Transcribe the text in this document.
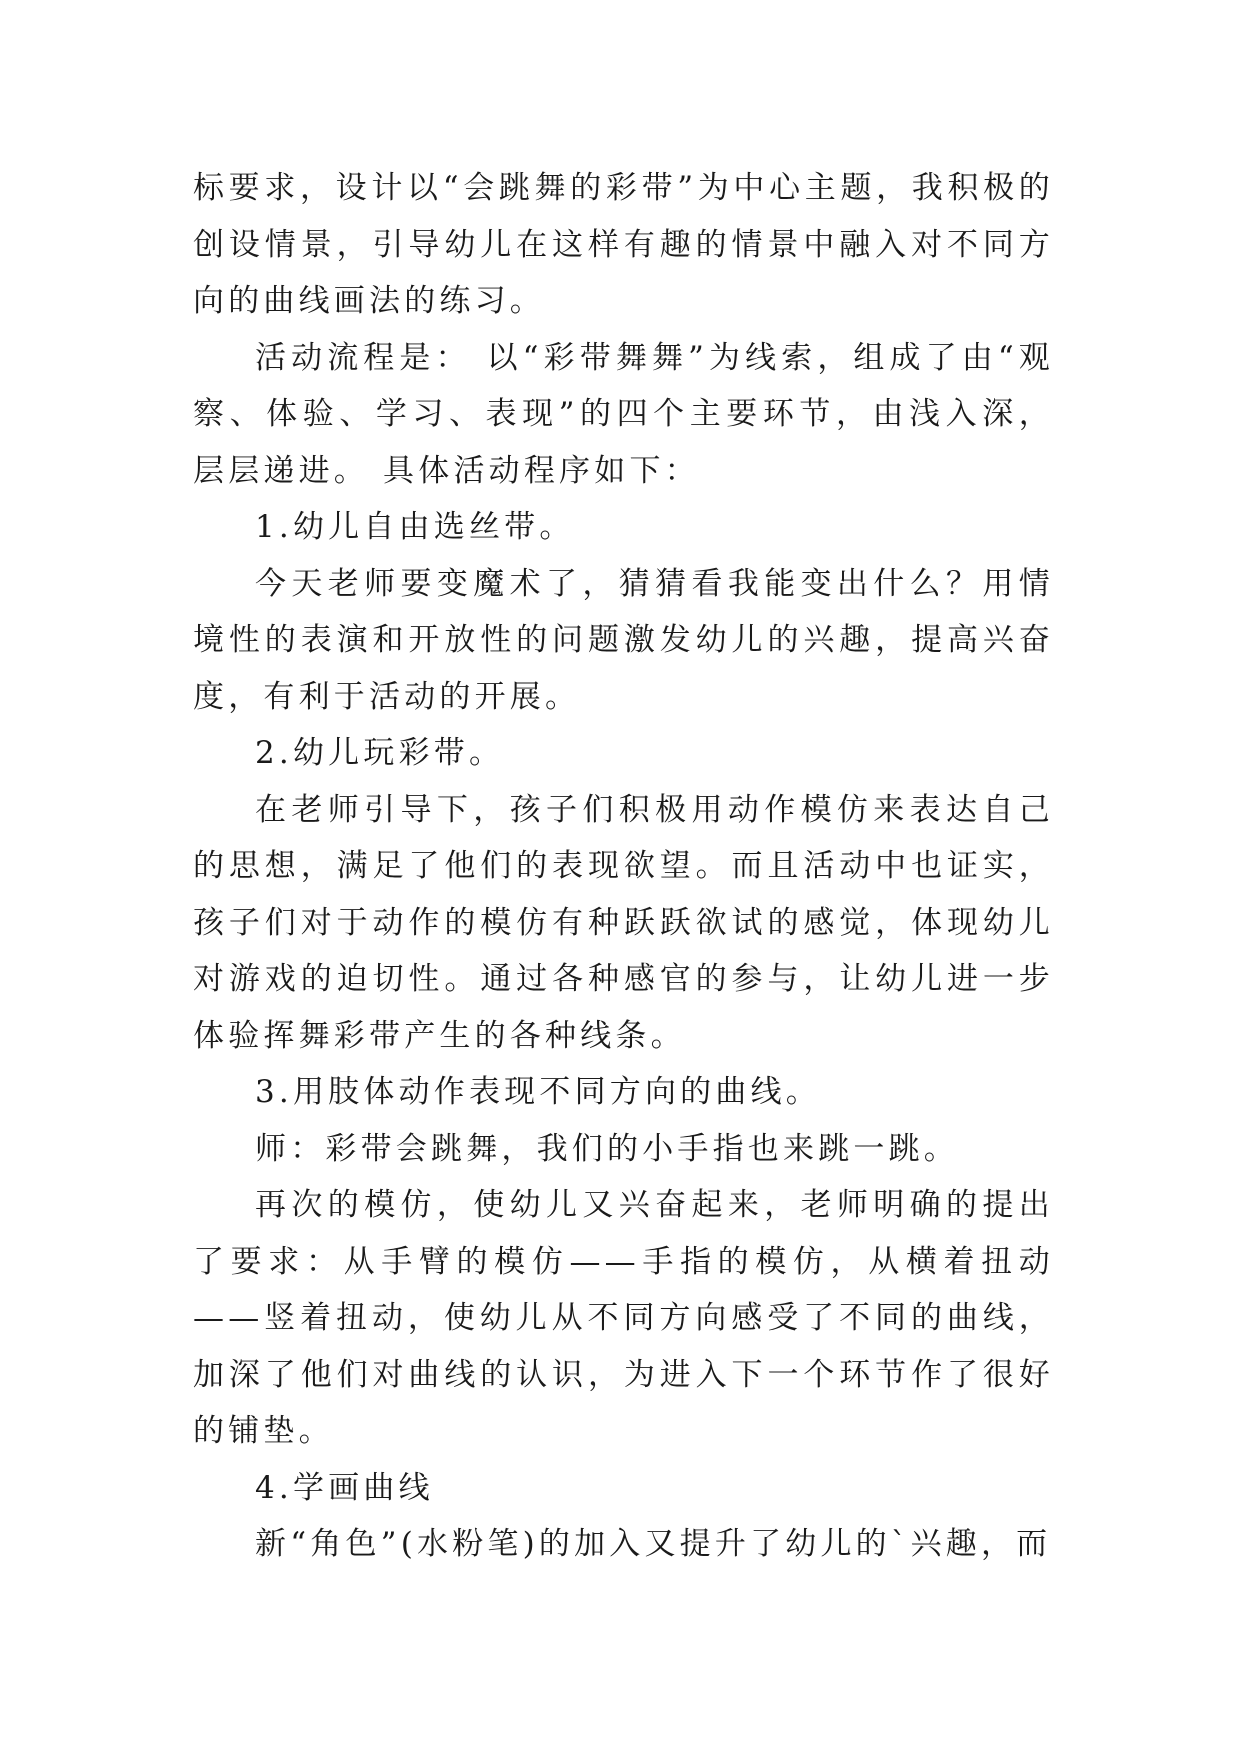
标要求，设计以“会跳舞的彩带”为中心主题，我积极的创设情景，引导幼儿在这样有趣的情景中融入对不同方向的曲线画法的练习。

活动流程是： 以“彩带舞舞”为线索，组成了由“观察、体验、学习、表现”的四个主要环节，由浅入深，层层递进。 具体活动程序如下：

1.幼儿自由选丝带。

今天老师要变魔术了，猜猜看我能变出什么？用情境性的表演和开放性的问题激发幼儿的兴趣，提高兴奋度，有利于活动的开展。

2.幼儿玩彩带。

在老师引导下，孩子们积极用动作模仿来表达自己的思想，满足了他们的表现欲望。而且活动中也证实，孩子们对于动作的模仿有种跃跃欲试的感觉，体现幼儿对游戏的迫切性。通过各种感官的参与，让幼儿进一步体验挥舞彩带产生的各种线条。

3.用肢体动作表现不同方向的曲线。

师：彩带会跳舞，我们的小手指也来跳一跳。

再次的模仿，使幼儿又兴奋起来，老师明确的提出了要求：从手臂的模仿——手指的模仿，从横着扭动——竖着扭动，使幼儿从不同方向感受了不同的曲线，加深了他们对曲线的认识，为进入下一个环节作了很好的铺垫。

4.学画曲线

新“角色”(水粉笔)的加入又提升了幼儿的`兴趣，而
